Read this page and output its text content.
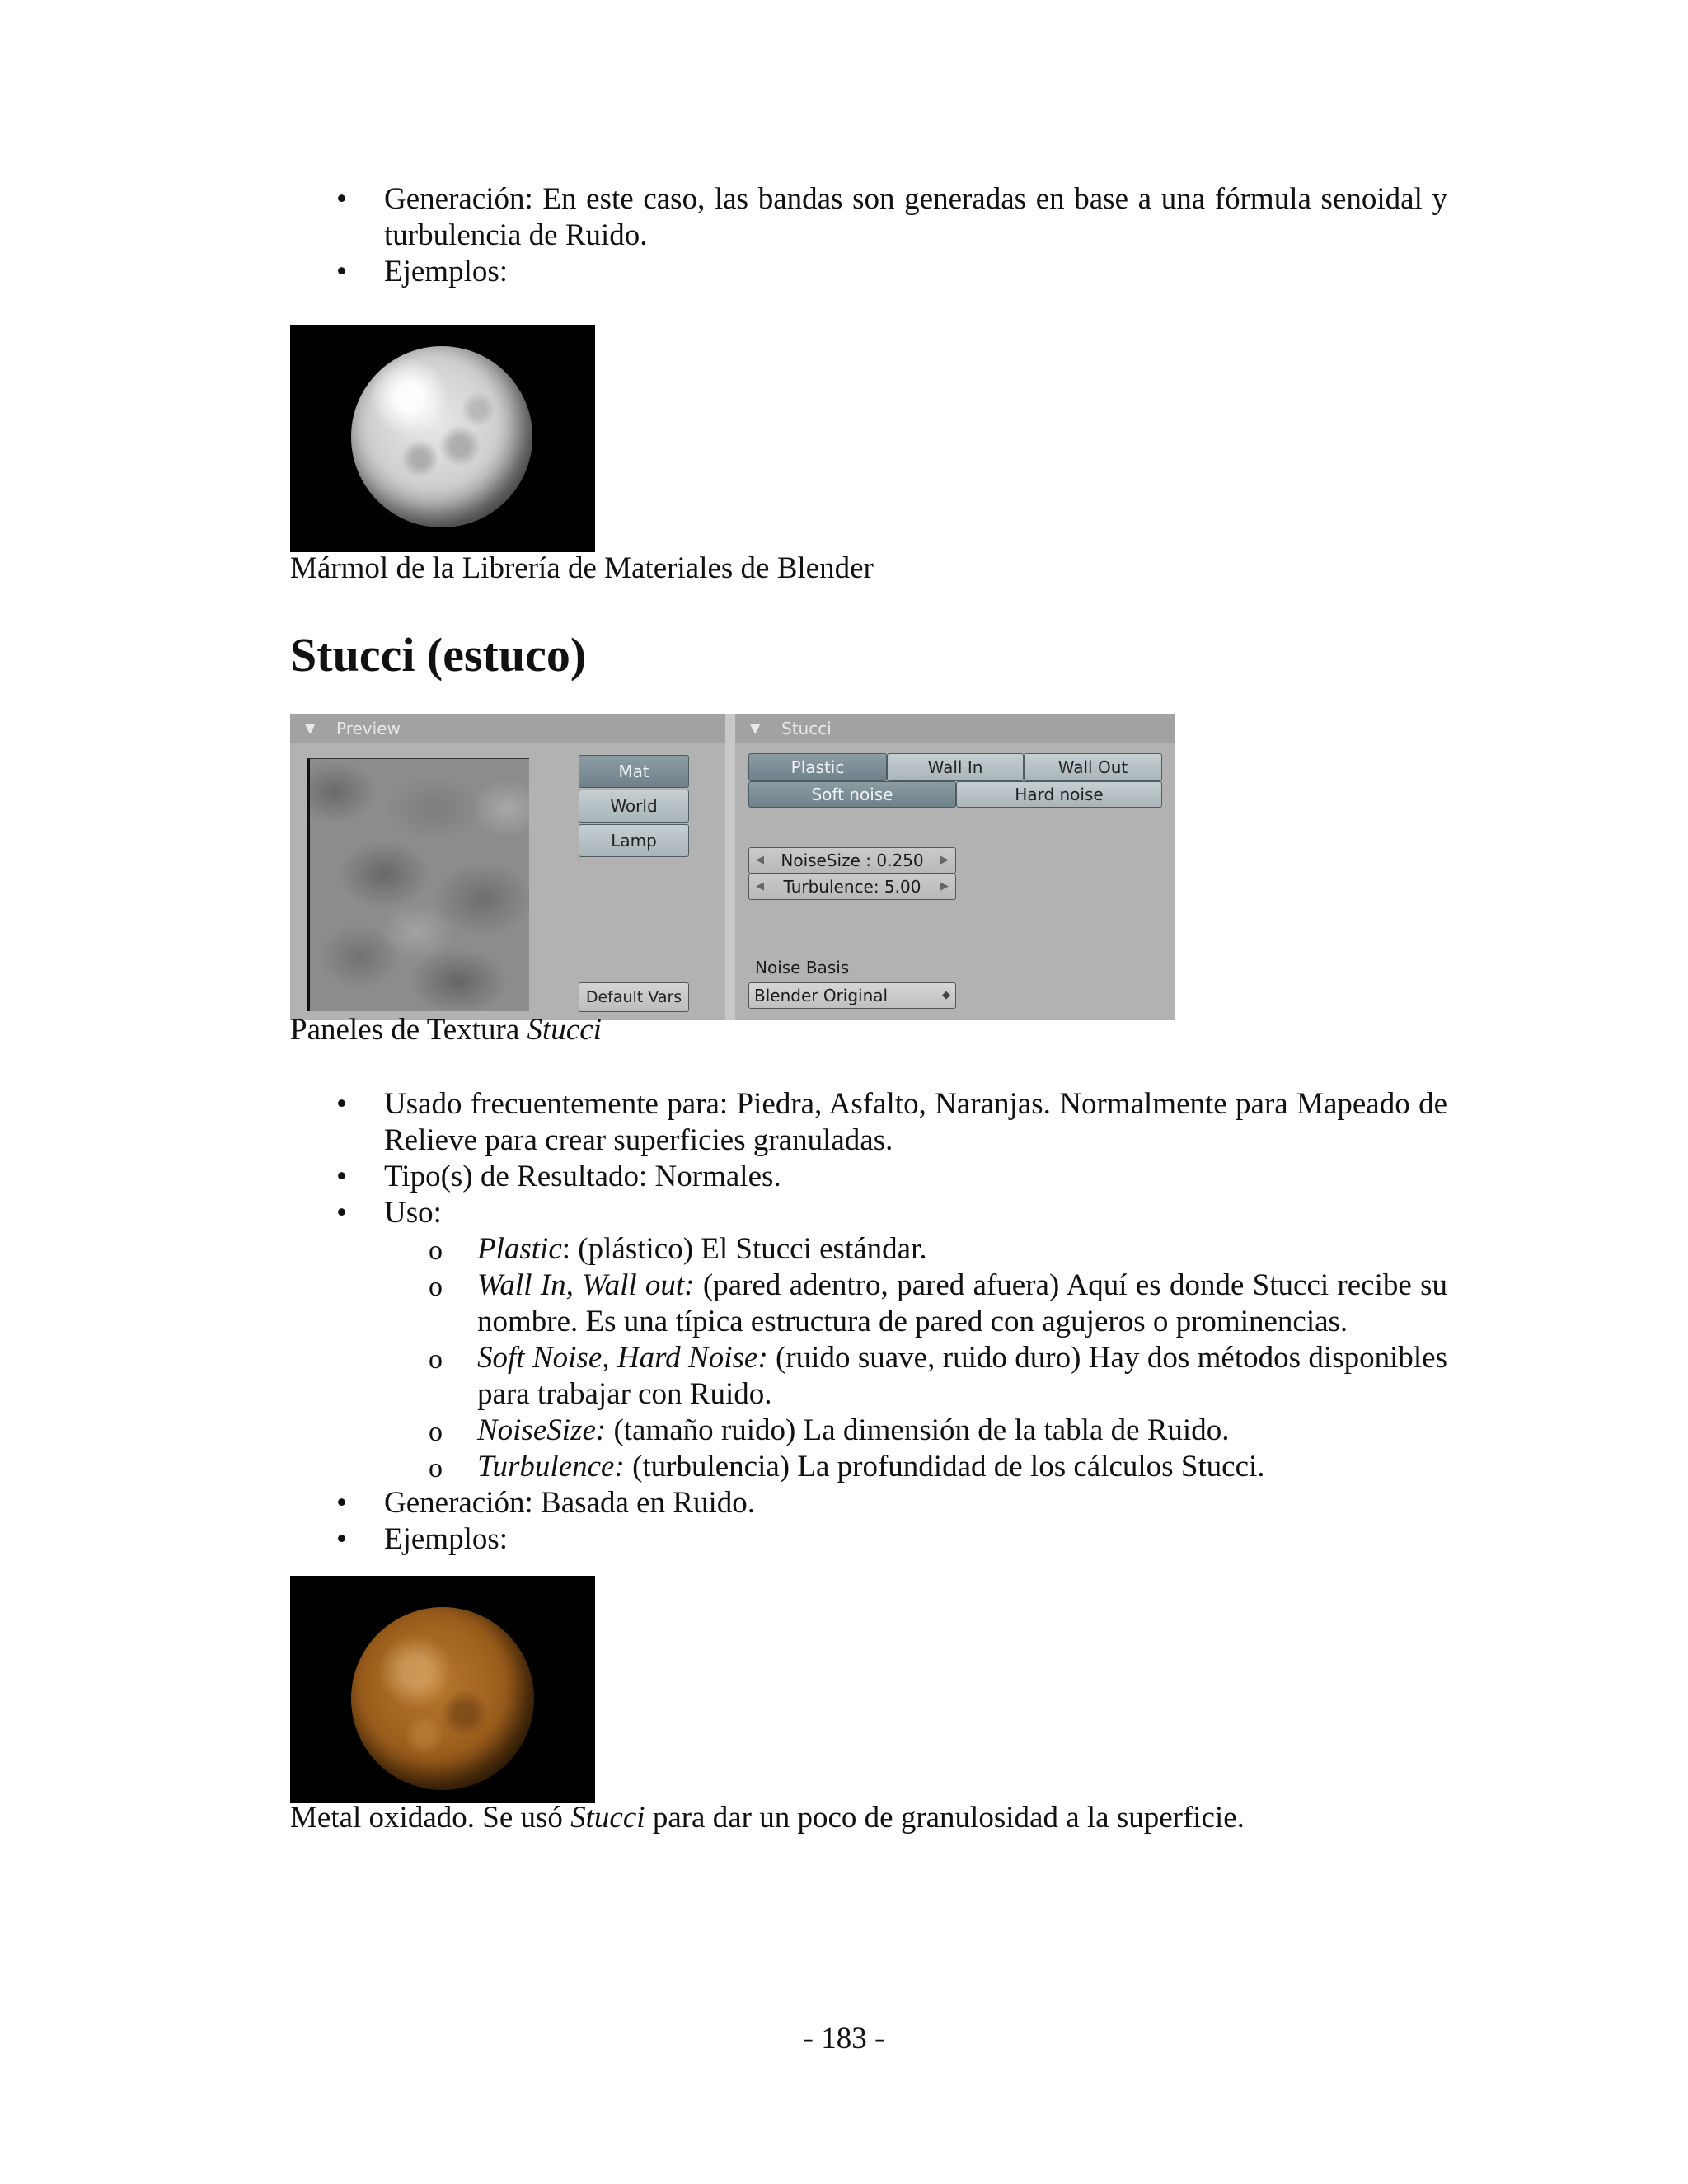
• Generación: En este caso, las bandas son generadas en base a una fórmula senoidal y turbulencia de Ruido.
• Ejemplos:

Mármol de la Librería de Materiales de Blender

Stucci (estuco)
▼ Preview
Mat
World
Lamp
Default Vars
▼ Stucci
Plastic	Wall In	Wall Out
Soft noise	Hard noise
◀ NoiseSize : 0.250 ▶
◀ Turbulence: 5.00 ▶
Noise Basis
Blender Original	◆

Paneles de Textura Stucci

• Usado frecuentemente para: Piedra, Asfalto, Naranjas. Normalmente para Mapeado de Relieve para crear superficies granuladas.
• Tipo(s) de Resultado: Normales.
• Uso:
o Plastic: (plástico) El Stucci estándar.
o Wall In, Wall out: (pared adentro, pared afuera) Aquí es donde Stucci recibe su nombre. Es una típica estructura de pared con agujeros o prominencias.
o Soft Noise, Hard Noise: (ruido suave, ruido duro) Hay dos métodos disponibles para trabajar con Ruido.
o NoiseSize: (tamaño ruido) La dimensión de la tabla de Ruido.
o Turbulence: (turbulencia) La profundidad de los cálculos Stucci.
• Generación: Basada en Ruido.
• Ejemplos:

Metal oxidado. Se usó Stucci para dar un poco de granulosidad a la superficie.

- 183 -
